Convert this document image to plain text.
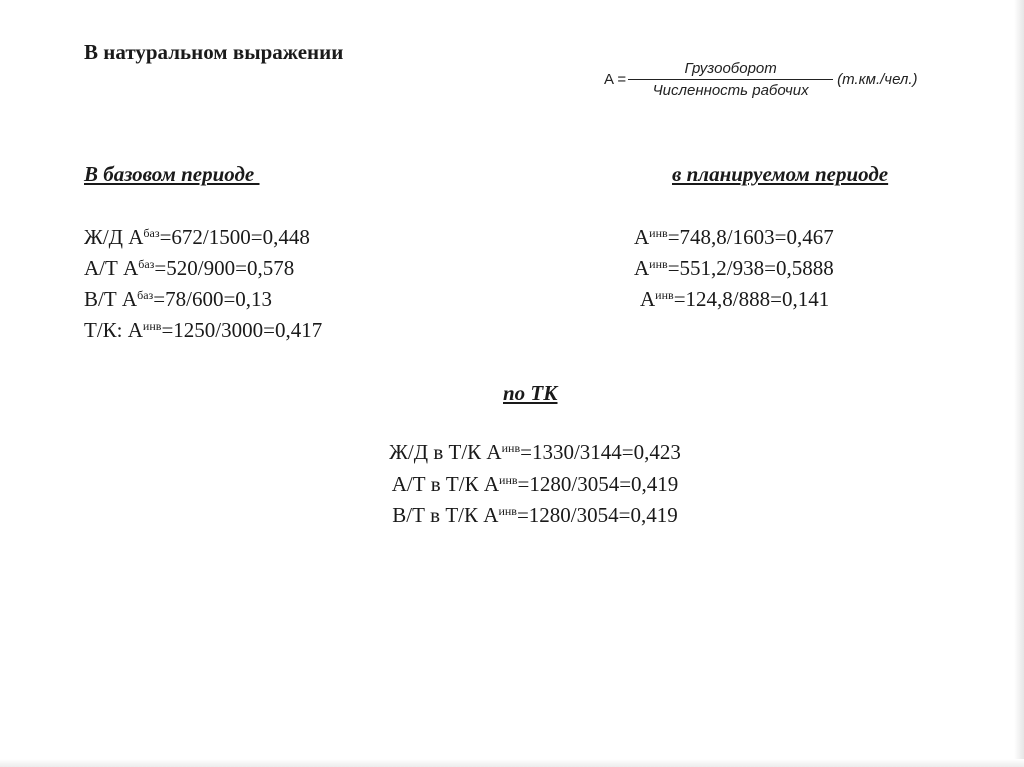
В натуральном выражении
$A = \frac{\text{Грузооборот}}{\text{Численность рабочих}} (т.км./чел.)$
В базовом периоде	в планируемом периоде
Ж/Д $А^{баз}=672/1500=0,448$
А/Т $А^{баз}=520/900=0,578$
В/Т $А^{баз}=78/600=0,13$
Т/К: $А^{инв}=1250/3000=0,417$
$А^{инв}=748,8/1603=0,467$
$А^{инв}=551,2/938=0,5888$
$А^{инв}=124,8/888=0,141$
по ТК
Ж/Д в Т/К $А^{инв}=1330/3144=0,423$
А/Т в Т/К $А^{инв}=1280/3054=0,419$
В/Т в Т/К $А^{инв}=1280/3054=0,419$
